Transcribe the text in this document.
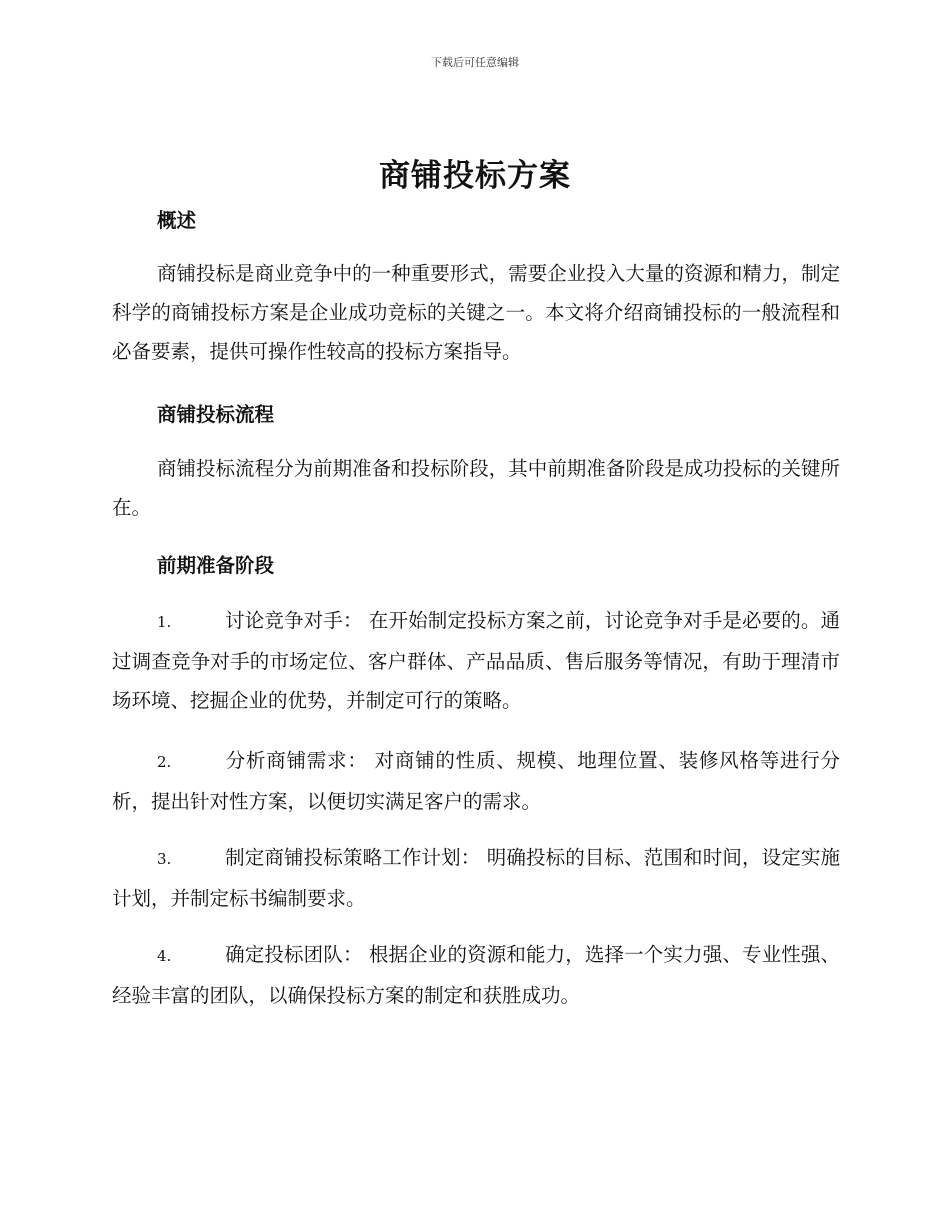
下载后可任意编辑
商铺投标方案
概述

商铺投标是商业竞争中的一种重要形式，需要企业投入大量的资源和精力，制定科学的商铺投标方案是企业成功竞标的关键之一。本文将介绍商铺投标的一般流程和必备要素，提供可操作性较高的投标方案指导。

商铺投标流程

商铺投标流程分为前期准备和投标阶段，其中前期准备阶段是成功投标的关键所在。

前期准备阶段

1.	讨论竞争对手： 在开始制定投标方案之前，讨论竞争对手是必要的。通过调查竞争对手的市场定位、客户群体、产品品质、售后服务等情况，有助于理清市场环境、挖掘企业的优势，并制定可行的策略。

2.	分析商铺需求： 对商铺的性质、规模、地理位置、装修风格等进行分析，提出针对性方案，以便切实满足客户的需求。

3.	制定商铺投标策略工作计划： 明确投标的目标、范围和时间，设定实施计划，并制定标书编制要求。

4.	确定投标团队： 根据企业的资源和能力，选择一个实力强、专业性强、经验丰富的团队，以确保投标方案的制定和获胜成功。
